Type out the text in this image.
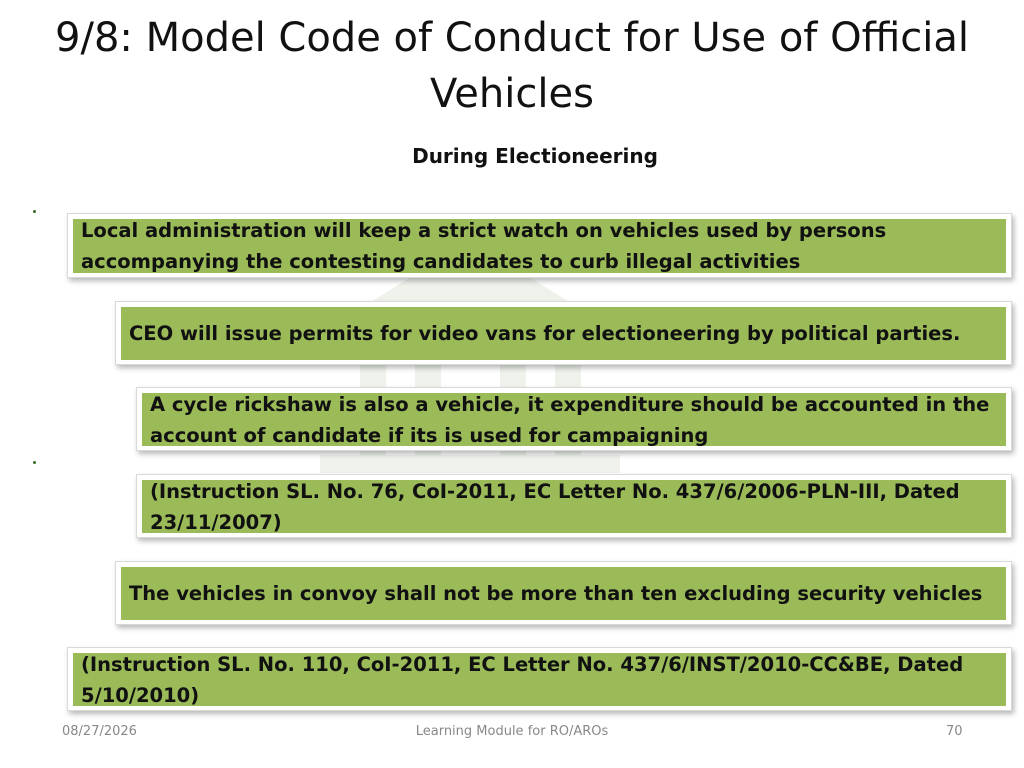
9/8: Model Code of Conduct for Use of Official Vehicles
During Electioneering
Local administration will keep a strict watch on vehicles used by persons
accompanying the contesting candidates to curb illegal activities
CEO will issue permits for video vans for electioneering by political parties.
A cycle rickshaw is also a vehicle, it expenditure should be accounted in the
account of candidate if its is used for campaigning
(Instruction SL. No. 76, CoI-2011, EC Letter No. 437/6/2006-PLN-III, Dated
23/11/2007)
The vehicles in convoy shall not be more than ten excluding security vehicles
(Instruction SL. No. 110, CoI-2011, EC Letter No. 437/6/INST/2010-CC&BE, Dated
5/10/2010)
08/27/2026	Learning Module for RO/AROs	70
